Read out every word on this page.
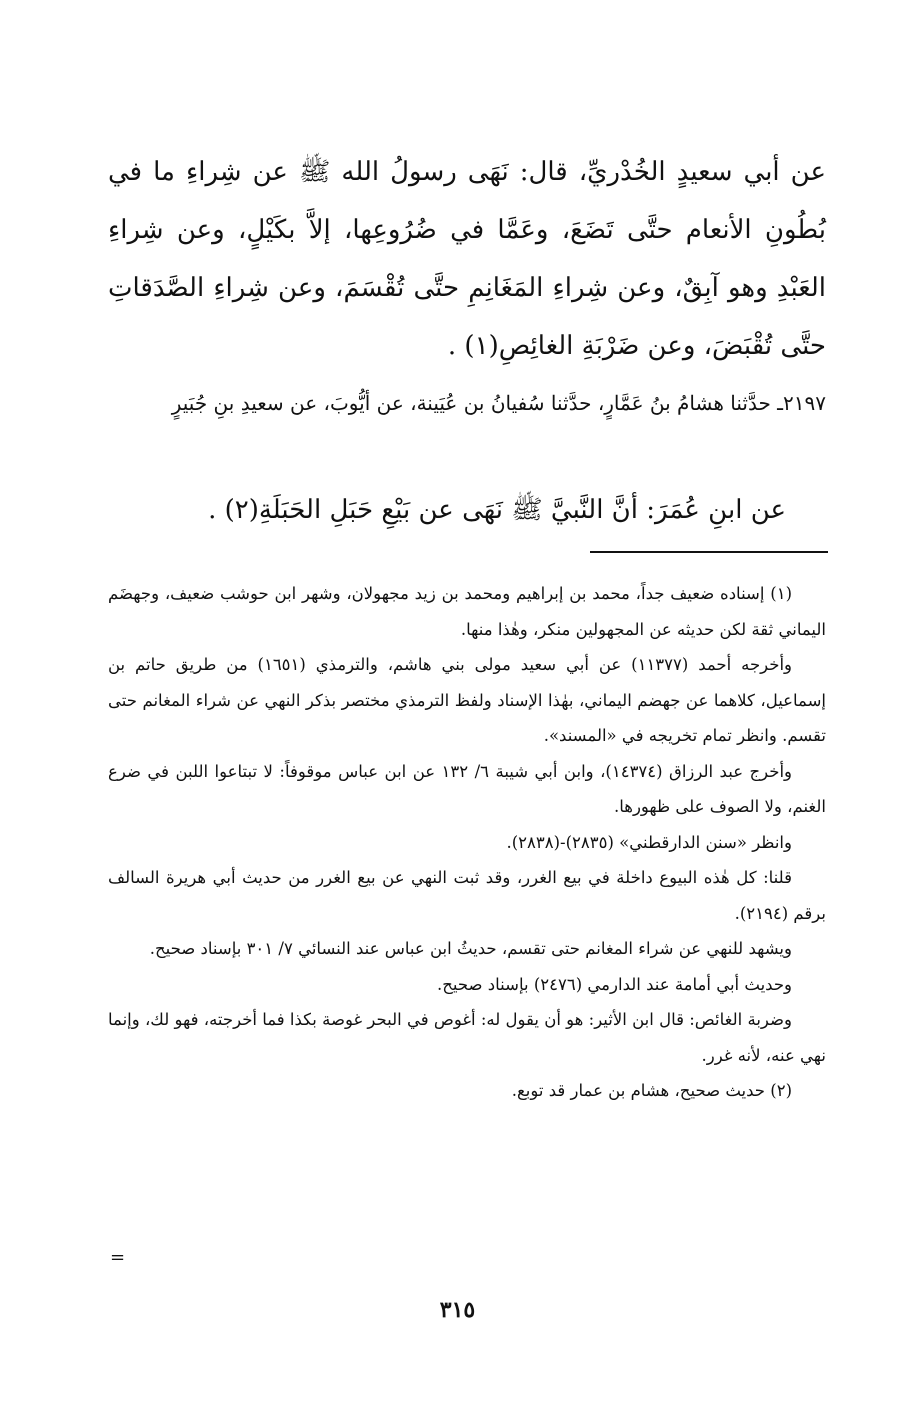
عن أبي سعيدٍ الخُدْريِّ، قال: نَهَى رسولُ الله ﷺ عن شِراءِ ما في بُطُونِ الأنعام حتَّى تَضَعَ، وعَمَّا في ضُرُوعِها، إلاَّ بكَيْلٍ، وعن شِراءِ العَبْدِ وهو آبِقٌ، وعن شِراءِ المَغَانِمِ حتَّى تُقْسَمَ، وعن شِراءِ الصَّدَقاتِ حتَّى تُقْبَضَ، وعن ضَرْبَةِ الغائِصِ(١) .

٢١٩٧ـ حدَّثنا هشامُ بنُ عَمَّارٍ، حدَّثنا سُفيانُ بن عُيَينة، عن أيُّوبَ، عن سعيدِ بنِ جُبَيرٍ

عن ابنِ عُمَرَ: أنَّ النَّبيَّ ﷺ نَهَى عن بَيْعِ حَبَلِ الحَبَلَةِ(٢) .

(١) إسناده ضعيف جداً، محمد بن إبراهيم ومحمد بن زيد مجهولان، وشهر ابن حوشب ضعيف، وجهضَم اليماني ثقة لكن حديثه عن المجهولين منكر، وهٰذا منها.

وأخرجه أحمد (١١٣٧٧) عن أبي سعيد مولى بني هاشم، والترمذي (١٦٥١) من طريق حاتم بن إسماعيل، كلاهما عن جهضم اليماني، بهٰذا الإسناد ولفظ الترمذي مختصر بذكر النهي عن شراء المغانم حتى تقسم. وانظر تمام تخريجه في «المسند».

وأخرج عبد الرزاق (١٤٣٧٤)، وابن أبي شيبة ٦/ ١٣٢ عن ابن عباس موقوفاً: لا تبتاعوا اللبن في ضرع الغنم، ولا الصوف على ظهورها.

وانظر «سنن الدارقطني» (٢٨٣٥)-(٢٨٣٨).

قلنا: كل هٰذه البيوع داخلة في بيع الغرر، وقد ثبت النهي عن بيع الغرر من حديث أبي هريرة السالف برقم (٢١٩٤).

ويشهد للنهي عن شراء المغانم حتى تقسم، حديثُ ابن عباس عند النسائي ٧/ ٣٠١ بإسناد صحيح.

وحديث أبي أمامة عند الدارمي (٢٤٧٦) بإسناد صحيح.

وضربة الغائص: قال ابن الأثير: هو أن يقول له: أغوص في البحر غوصة بكذا فما أخرجته، فهو لك، وإنما نهي عنه، لأنه غرر.

(٢) حديث صحيح، هشام بن عمار قد توبع.

=
٣١٥
